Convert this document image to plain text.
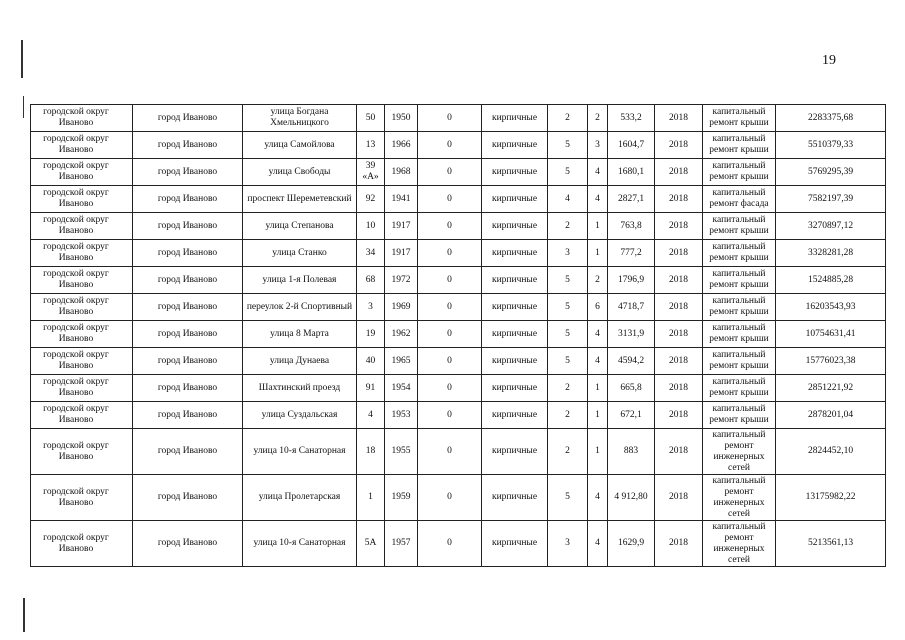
19
городской округ Иваново	город Иваново	улица Богдана Хмельницкого	50	1950	0	кирпичные	2	2	533,2	2018	капитальный ремонт крыши	2283375,68

городской округ Иваново	город Иваново	улица Самойлова	13	1966	0	кирпичные	5	3	1604,7	2018	капитальный ремонт крыши	5510379,33

городской округ Иваново	город Иваново	улица Свободы	39 «А»	1968	0	кирпичные	5	4	1680,1	2018	капитальный ремонт крыши	5769295,39

городской округ Иваново	город Иваново	проспект Шереметевский	92	1941	0	кирпичные	4	4	2827,1	2018	капитальный ремонт фасада	7582197,39

городской округ Иваново	город Иваново	улица Степанова	10	1917	0	кирпичные	2	1	763,8	2018	капитальный ремонт крыши	3270897,12

городской округ Иваново	город Иваново	улица Станко	34	1917	0	кирпичные	3	1	777,2	2018	капитальный ремонт крыши	3328281,28

городской округ Иваново	город Иваново	улица 1-я Полевая	68	1972	0	кирпичные	5	2	1796,9	2018	капитальный ремонт крыши	1524885,28

городской округ Иваново	город Иваново	переулок 2-й Спортивный	3	1969	0	кирпичные	5	6	4718,7	2018	капитальный ремонт крыши	16203543,93

городской округ Иваново	город Иваново	улица 8 Марта	19	1962	0	кирпичные	5	4	3131,9	2018	капитальный ремонт крыши	10754631,41

городской округ Иваново	город Иваново	улица Дунаева	40	1965	0	кирпичные	5	4	4594,2	2018	капитальный ремонт крыши	15776023,38

городской округ Иваново	город Иваново	Шахтинский проезд	91	1954	0	кирпичные	2	1	665,8	2018	капитальный ремонт крыши	2851221,92

городской округ Иваново	город Иваново	улица Суздальская	4	1953	0	кирпичные	2	1	672,1	2018	капитальный ремонт крыши	2878201,04

городской округ Иваново	город Иваново	улица 10-я Санаторная	18	1955	0	кирпичные	2	1	883	2018	капитальный ремонт инженерных сетей	2824452,10

городской округ Иваново	город Иваново	улица Пролетарская	1	1959	0	кирпичные	5	4	4 912,80	2018	капитальный ремонт инженерных сетей	13175982,22

городской округ Иваново	город Иваново	улица 10-я Санаторная	5А	1957	0	кирпичные	3	4	1629,9	2018	капитальный ремонт инженерных сетей	5213561,13
